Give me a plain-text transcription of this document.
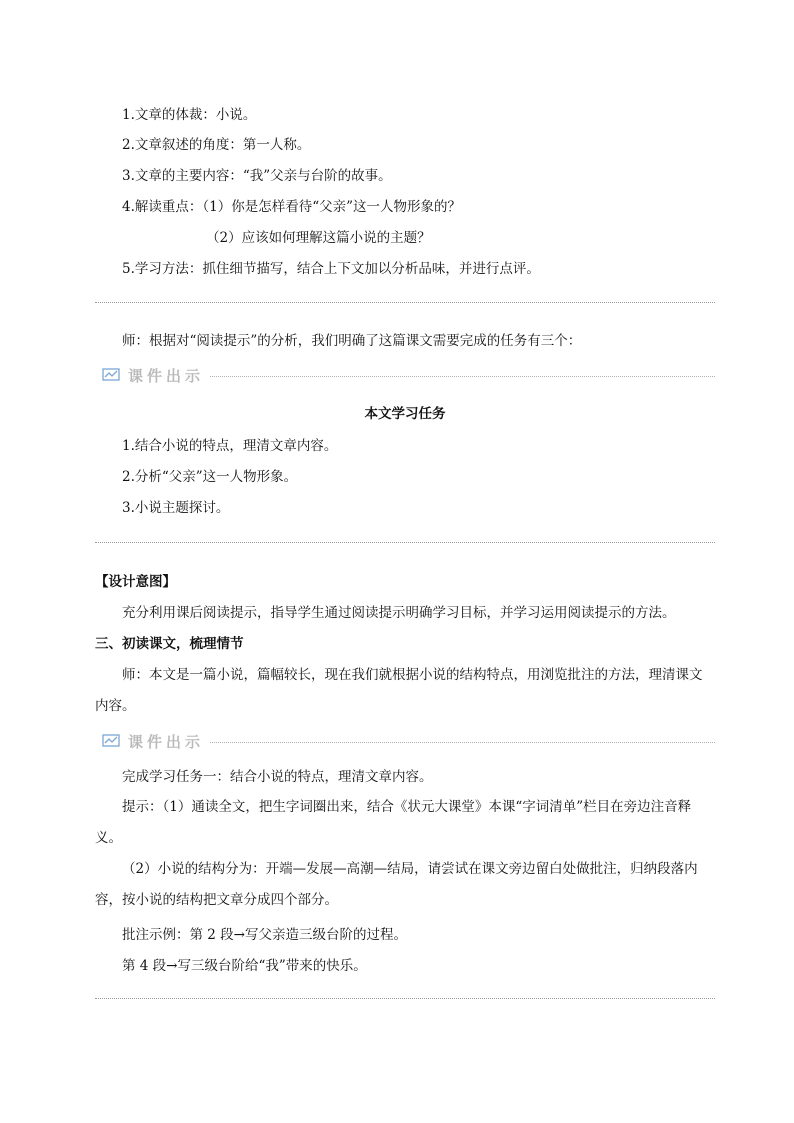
1.文章的体裁：小说。
2.文章叙述的角度：第一人称。
3.文章的主要内容：“我”父亲与台阶的故事。
4.解读重点：（1）你是怎样看待“父亲”这一人物形象的？
（2）应该如何理解这篇小说的主题？
5.学习方法：抓住细节描写，结合上下文加以分析品味，并进行点评。
师：根据对“阅读提示”的分析，我们明确了这篇课文需要完成的任务有三个：
课件出示
本文学习任务
1.结合小说的特点，理清文章内容。
2.分析“父亲”这一人物形象。
3.小说主题探讨。
【设计意图】
充分利用课后阅读提示，指导学生通过阅读提示明确学习目标，并学习运用阅读提示的方法。
三、初读课文，梳理情节
师：本文是一篇小说，篇幅较长，现在我们就根据小说的结构特点，用浏览批注的方法，理清课文内容。
课件出示
完成学习任务一：结合小说的特点，理清文章内容。
提示：（1）通读全文，把生字词圈出来，结合《状元大课堂》本课“字词清单”栏目在旁边注音释义。
（2）小说的结构分为：开端—发展—高潮—结局，请尝试在课文旁边留白处做批注，归纳段落内容，按小说的结构把文章分成四个部分。
批注示例：第 2 段→写父亲造三级台阶的过程。
第 4 段→写三级台阶给“我”带来的快乐。
